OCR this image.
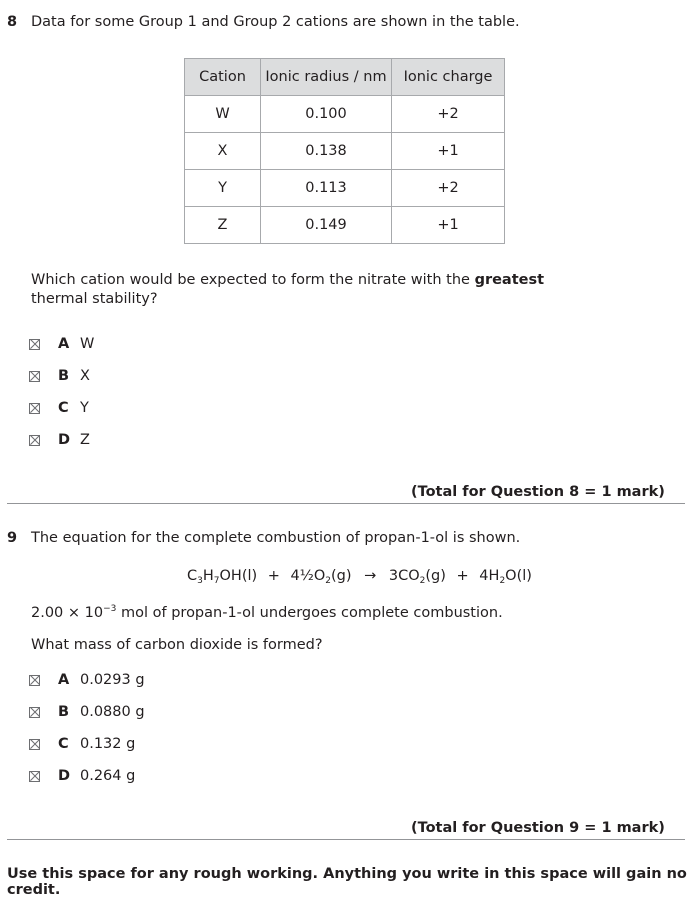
8 Data for some Group 1 and Group 2 cations are shown in the table.
Cation	Ionic radius / nm	Ionic charge
W	0.100	+2
X	0.138	+1
Y	0.113	+2
Z	0.149	+1
Which cation would be expected to form the nitrate with the greatest
thermal stability?
A W
B X
C Y
D Z
(Total for Question 8 = 1 mark)
9 The equation for the complete combustion of propan-1-ol is shown.
$C_3H_7OH(l)$ + $4\frac{1}{2}O_2(g) \to 3CO_2(g) + 4H_2O(l)$
$2.00 \times 10^{-3}$ mol of propan-1-ol undergoes complete combustion.
What mass of carbon dioxide is formed?
A 0.0293 g
B 0.0880 g
C 0.132 g
D 0.264 g
(Total for Question 9 = 1 mark)
Use this space for any rough working. Anything you write in this space will gain no credit.
